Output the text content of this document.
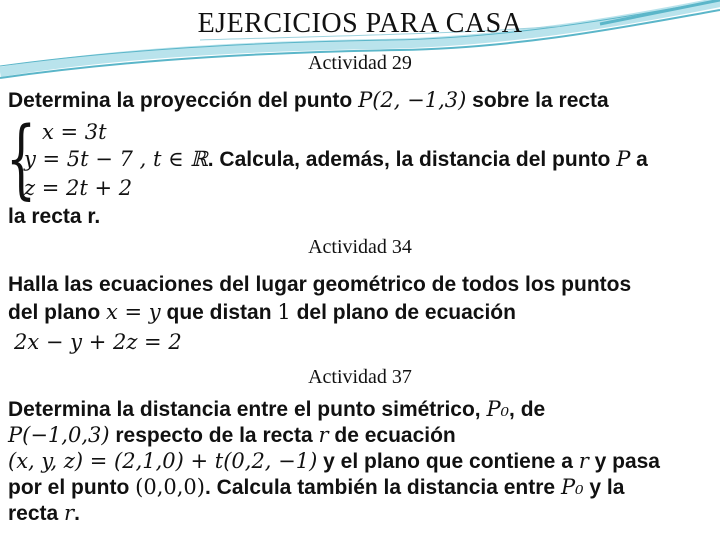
EJERCICIOS PARA CASA
Actividad 29
Determina la proyección del punto P(2, −1,3) sobre la recta
{ x = 3t
y = 5t − 7 , t ∈ ℝ. Calcula, además, la distancia del punto P a
z = 2t + 2
la recta r.
Actividad 34
Halla las ecuaciones del lugar geométrico de todos los puntos
del plano x = y que distan 1 del plano de ecuación
2x − y + 2z = 2
Actividad 37
Determina la distancia entre el punto simétrico, P₀, de
P(−1,0,3) respecto de la recta r de ecuación
(x, y, z) = (2,1,0) + t(0,2, −1) y el plano que contiene a r y pasa
por el punto (0,0,0). Calcula también la distancia entre P₀ y la
recta r.
